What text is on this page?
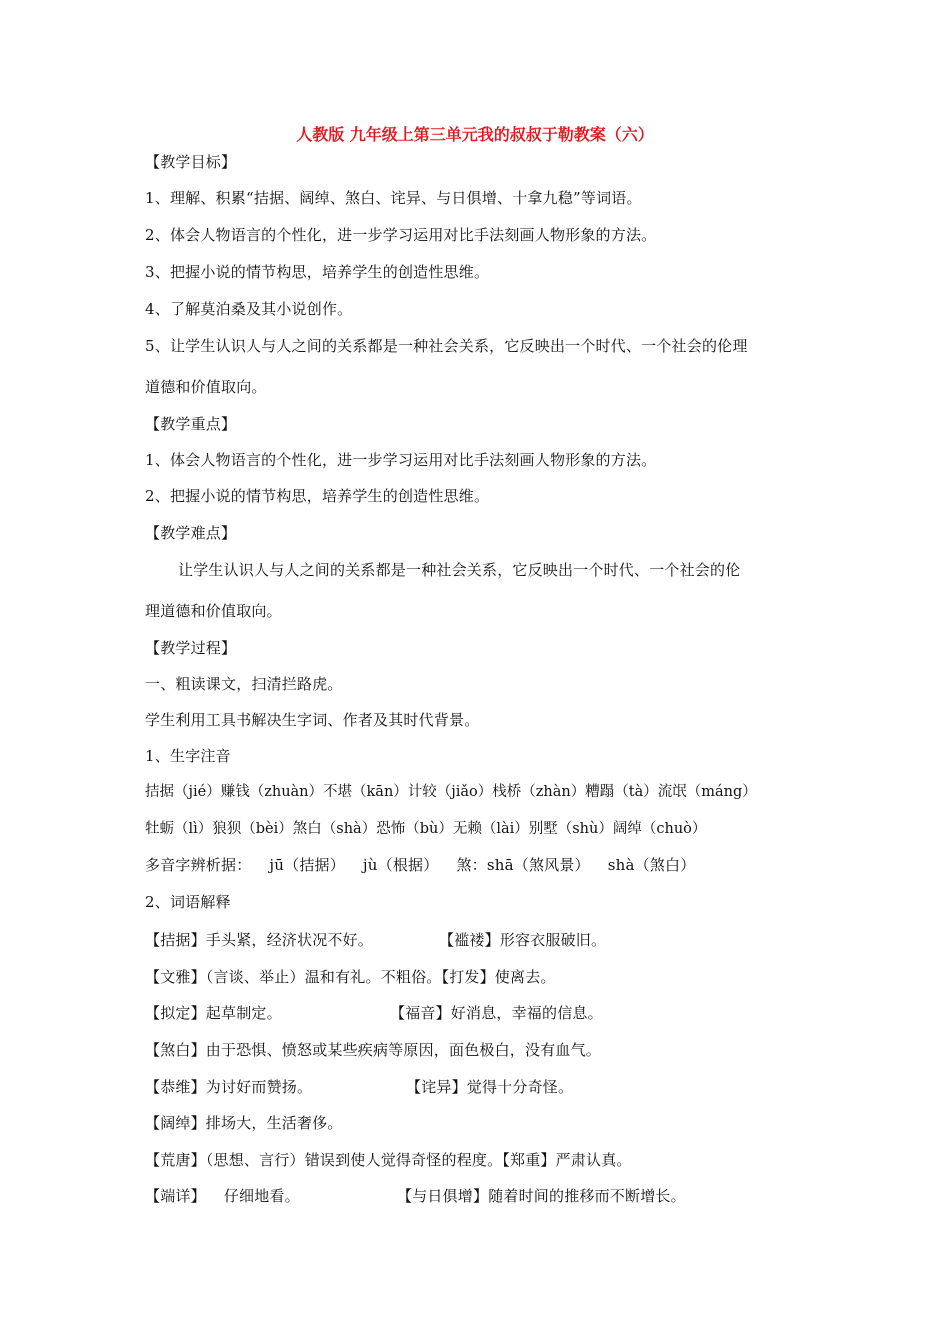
人教版 九年级上第三单元我的叔叔于勒教案（六）
【教学目标】
1、理解、积累“拮据、阔绰、煞白、诧异、与日俱增、十拿九稳”等词语。
2、体会人物语言的个性化，进一步学习运用对比手法刻画人物形象的方法。
3、把握小说的情节构思，培养学生的创造性思维。
4、了解莫泊桑及其小说创作。
5、让学生认识人与人之间的关系都是一种社会关系，它反映出一个时代、一个社会的伦理
道德和价值取向。
【教学重点】
1、体会人物语言的个性化，进一步学习运用对比手法刻画人物形象的方法。
2、把握小说的情节构思，培养学生的创造性思维。
【教学难点】
让学生认识人与人之间的关系都是一种社会关系，它反映出一个时代、一个社会的伦
理道德和价值取向。
【教学过程】
一、粗读课文，扫清拦路虎。
学生利用工具书解决生字词、作者及其时代背景。
1、生字注音
拮据（jié）赚钱（zhuàn）不堪（kān）计较（jiǎo）栈桥（zhàn）糟蹋（tà）流氓（máng）
牡蛎（lì）狼狈（bèi）煞白（shà）恐怖（bù）无赖（lài）别墅（shù）阔绰（chuò）
多音字辨析据： jū（拮据） jù（根据） 煞：shā（煞风景） shà（煞白）
2、词语解释
【拮据】手头紧，经济状况不好。	【褴褛】形容衣服破旧。
【文雅】（言谈、举止）温和有礼。不粗俗。【打发】使离去。
【拟定】起草制定。	【福音】好消息，幸福的信息。
【煞白】由于恐惧、愤怒或某些疾病等原因，面色极白，没有血气。
【恭维】为讨好而赞扬。	【诧异】觉得十分奇怪。
【阔绰】排场大，生活奢侈。
【荒唐】（思想、言行）错误到使人觉得奇怪的程度。【郑重】严肃认真。
【端详】 仔细地看。	【与日俱增】随着时间的推移而不断增长。
